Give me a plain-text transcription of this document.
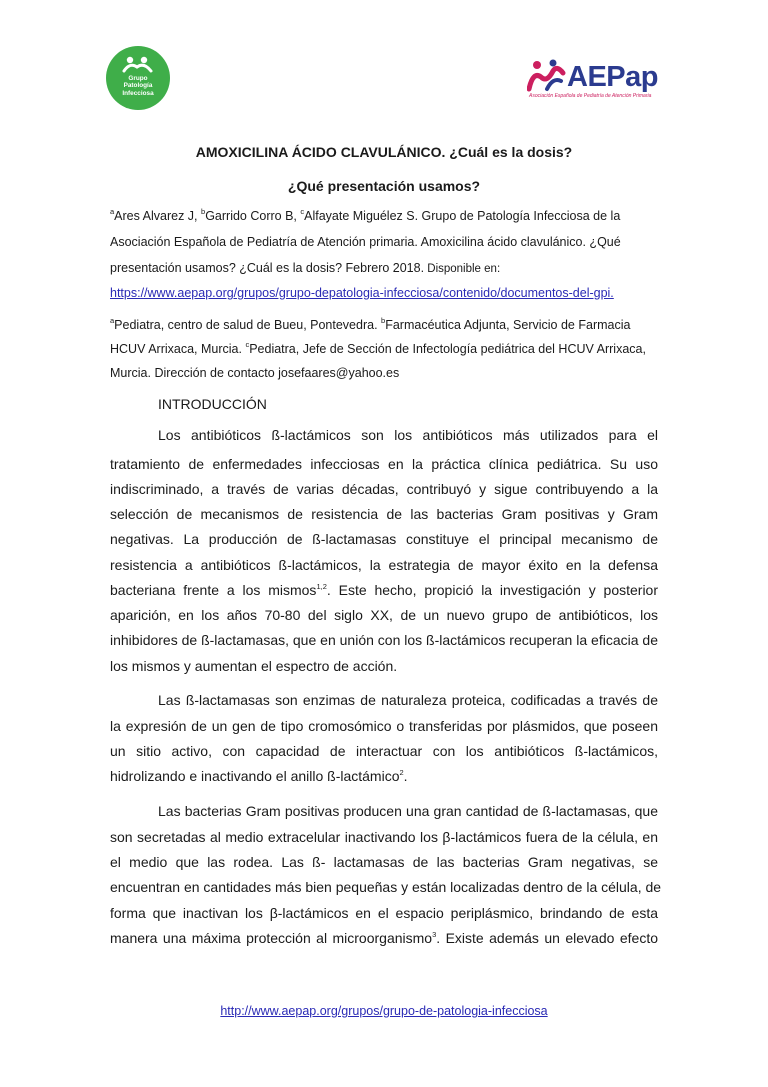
Grupo
Patología
Infecciosa
AEPap
Asociación Española de Pediatría de Atención Primaria
AMOXICILINA ÁCIDO CLAVULÁNICO. ¿Cuál es la dosis?
¿Qué presentación usamos?
$^a$Ares Alvarez J, $^b$Garrido Corro B, $^c$Alfayate Miguélez S. Grupo de Patología Infecciosa de la
Asociación Española de Pediatría de Atención primaria. Amoxicilina ácido clavulánico. ¿Qué
presentación usamos? ¿Cuál es la dosis? Febrero 2018. Disponible en:
https://www.aepap.org/grupos/grupo-depatologia-infecciosa/contenido/documentos-del-gpi.
$^a$Pediatra, centro de salud de Bueu, Pontevedra. $^b$Farmacéutica Adjunta, Servicio de Farmacia
HCUV Arrixaca, Murcia. $^c$Pediatra, Jefe de Sección de Infectología pediátrica del HCUV Arrixaca,
Murcia. Dirección de contacto josefaares@yahoo.es
INTRODUCCIÓN
Los antibióticos ß-lactámicos son los antibióticos más utilizados para el
tratamiento de enfermedades infecciosas en la práctica clínica pediátrica. Su uso
indiscriminado, a través de varias décadas, contribuyó y sigue contribuyendo a la
selección de mecanismos de resistencia de las bacterias Gram positivas y Gram
negativas. La producción de ß-lactamasas constituye el principal mecanismo de
resistencia a antibióticos ß-lactámicos, la estrategia de mayor éxito en la defensa
bacteriana frente a los mismos$^{1,2}$. Este hecho, propició la investigación y posterior
aparición, en los años 70-80 del siglo XX, de un nuevo grupo de antibióticos, los
inhibidores de ß-lactamasas, que en unión con los ß-lactámicos recuperan la eficacia de
los mismos y aumentan el espectro de acción.
Las ß-lactamasas son enzimas de naturaleza proteica, codificadas a través de
la expresión de un gen de tipo cromosómico o transferidas por plásmidos, que poseen
un sitio activo, con capacidad de interactuar con los antibióticos ß-lactámicos,
hidrolizando e inactivando el anillo ß-lactámico$^2$.
Las bacterias Gram positivas producen una gran cantidad de ß-lactamasas, que
son secretadas al medio extracelular inactivando los β-lactámicos fuera de la célula, en
el medio que las rodea. Las ß- lactamasas de las bacterias Gram negativas, se
encuentran en cantidades más bien pequeñas y están localizadas dentro de la célula, de
forma que inactivan los β-lactámicos en el espacio periplásmico, brindando de esta
manera una máxima protección al microorganismo$^3$. Existe además un elevado efecto
http://www.aepap.org/grupos/grupo-de-patologia-infecciosa
